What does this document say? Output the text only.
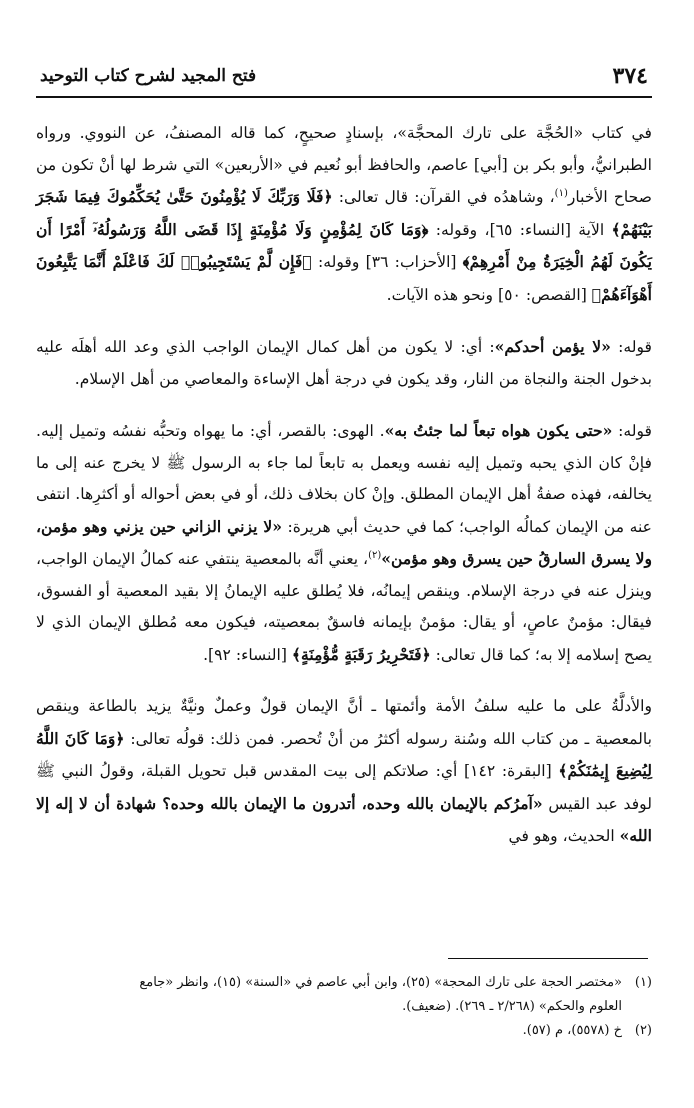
٣٧٤
فتح المجيد لشرح كتاب التوحيد

في كتاب «الحُجَّة على تارك المحجَّة»، بإسنادٍ صحيحٍ، كما قاله المصنفُ، عن النووي. ورواه الطبرانيُّ، وأبو بكر بن [أبي] عاصم، والحافظ أبو نُعيم في «الأربعين» التي شرط لها أنْ تكون من صحاح الأخبار$^{(١)}$، وشاهدُه في القرآن: قال تعالى: ﴿فَلَا وَرَبِّكَ لَا يُؤْمِنُونَ حَتَّىٰ يُحَكِّمُوكَ فِيمَا شَجَرَ بَيْنَهُمْ﴾ الآية [النساء: ٦٥]، وقوله: ﴿وَمَا كَانَ لِمُؤْمِنٍ وَلَا مُؤْمِنَةٍ إِذَا قَضَى اللَّهُ وَرَسُولُهُۥٓ أَمْرًا أَن يَكُونَ لَهُمُ الْخِيَرَةُ مِنْ أَمْرِهِمْ﴾ [الأحزاب: ٣٦] وقوله: ﴿فَإِن لَّمْ يَسْتَجِيبُوا۟ لَكَ فَاعْلَمْ أَنَّمَا يَتَّبِعُونَ أَهْوَآءَهُمْ﴾ [القصص: ٥٠] ونحو هذه الآيات.

قوله: «لا يؤمن أحدكم»: أي: لا يكون من أهل كمال الإيمان الواجب الذي وعد الله أهلَه عليه بدخول الجنة والنجاة من النار، وقد يكون في درجة أهل الإساءة والمعاصي من أهل الإسلام.

قوله: «حتى يكون هواه تبعاً لما جئتُ به». الهوى: بالقصر، أي: ما يهواه وتحبُّه نفسُه وتميل إليه. فإنْ كان الذي يحبه وتميل إليه نفسه ويعمل به تابعاً لما جاء به الرسول ﷺ لا يخرج عنه إلى ما يخالفه، فهذه صفةُ أهل الإيمان المطلق. وإنْ كان بخلاف ذلك، أو في بعض أحواله أو أكثرِها. انتفى عنه من الإيمان كمالُه الواجب؛ كما في حديث أبي هريرة: «لا يزني الزاني حين يزني وهو مؤمن، ولا يسرق السارقُ حين يسرق وهو مؤمن»$^{(٢)}$، يعني أنَّه بالمعصية ينتفي عنه كمالُ الإيمان الواجب، وينزل عنه في درجة الإسلام. وينقص إيمانُه، فلا يُطلق عليه الإيمانُ إلا بقيد المعصية أو الفسوق، فيقال: مؤمنٌ عاصٍ، أو يقال: مؤمنٌ بإيمانه فاسقٌ بمعصيته، فيكون معه مُطلق الإيمان الذي لا يصح إسلامه إلا به؛ كما قال تعالى: ﴿فَتَحْرِيرُ رَقَبَةٍ مُّؤْمِنَةٍ﴾ [النساء: ٩٢].

والأدلَّةُ على ما عليه سلفُ الأمة وأئمتها ـ أنَّ الإيمان قولٌ وعملٌ ونيَّةٌ يزيد بالطاعة وينقص بالمعصية ـ من كتاب الله وسُنة رسوله أكثرُ من أنْ تُحصر. فمن ذلك: قولُه تعالى: ﴿وَمَا كَانَ اللَّهُ لِيُضِيعَ إِيمَٰنَكُمْ﴾ [البقرة: ١٤٢] أي: صلاتكم إلى بيت المقدس قبل تحويل القبلة، وقولُ النبي ﷺ لوفد عبد القيس «آمرُكم بالإيمان بالله وحده، أتدرون ما الإيمان بالله وحده؟ شهادة أن لا إله إلا الله» الحديث، وهو في

(١)«مختصر الحجة على تارك المحجة» (٢٥)، وابن أبي عاصم في «السنة» (١٥)، وانظر «جامع

العلوم والحكم» (٢/٢٦٨ ـ ٢٦٩). (ضعيف).

(٢)خ (٥٥٧٨)، م (٥٧).
